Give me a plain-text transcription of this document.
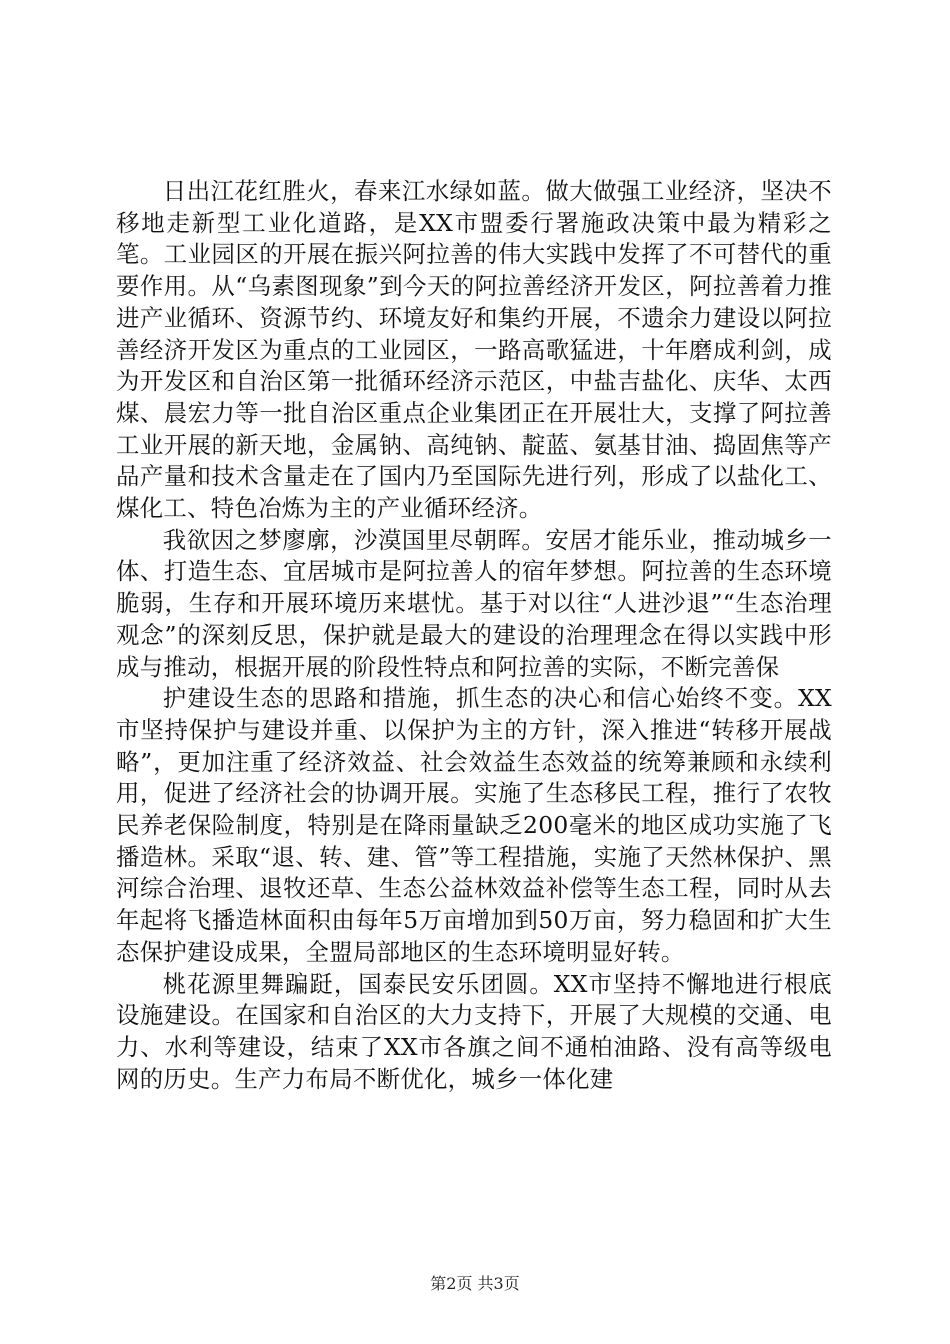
日出江花红胜火，春来江水绿如蓝。做大做强工业经济，坚决不移地走新型工业化道路，是XX市盟委行署施政决策中最为精彩之笔。工业园区的开展在振兴阿拉善的伟大实践中发挥了不可替代的重要作用。从“乌素图现象”到今天的阿拉善经济开发区，阿拉善着力推进产业循环、资源节约、环境友好和集约开展，不遗余力建设以阿拉善经济开发区为重点的工业园区，一路高歌猛进，十年磨成利剑，成为开发区和自治区第一批循环经济示范区，中盐吉盐化、庆华、太西煤、晨宏力等一批自治区重点企业集团正在开展壮大，支撑了阿拉善工业开展的新天地，金属钠、高纯钠、靛蓝、氨基甘油、捣固焦等产品产量和技术含量走在了国内乃至国际先进行列，形成了以盐化工、煤化工、特色冶炼为主的产业循环经济。

我欲因之梦廖廓，沙漠国里尽朝晖。安居才能乐业，推动城乡一体、打造生态、宜居城市是阿拉善人的宿年梦想。阿拉善的生态环境脆弱，生存和开展环境历来堪忧。基于对以往“人进沙退”“生态治理观念”的深刻反思，保护就是最大的建设的治理理念在得以实践中形成与推动，根据开展的阶段性特点和阿拉善的实际，不断完善保

护建设生态的思路和措施，抓生态的决心和信心始终不变。XX市坚持保护与建设并重、以保护为主的方针，深入推进“转移开展战略”，更加注重了经济效益、社会效益生态效益的统筹兼顾和永续利用，促进了经济社会的协调开展。实施了生态移民工程，推行了农牧民养老保险制度，特别是在降雨量缺乏200毫米的地区成功实施了飞播造林。采取“退、转、建、管”等工程措施，实施了天然林保护、黑河综合治理、退牧还草、生态公益林效益补偿等生态工程，同时从去年起将飞播造林面积由每年5万亩增加到50万亩，努力稳固和扩大生态保护建设成果，全盟局部地区的生态环境明显好转。

桃花源里舞蹁跹，国泰民安乐团圆。XX市坚持不懈地进行根底设施建设。在国家和自治区的大力支持下，开展了大规模的交通、电力、水利等建设，结束了XX市各旗之间不通柏油路、没有高等级电网的历史。生产力布局不断优化，城乡一体化建

第2页 共3页
